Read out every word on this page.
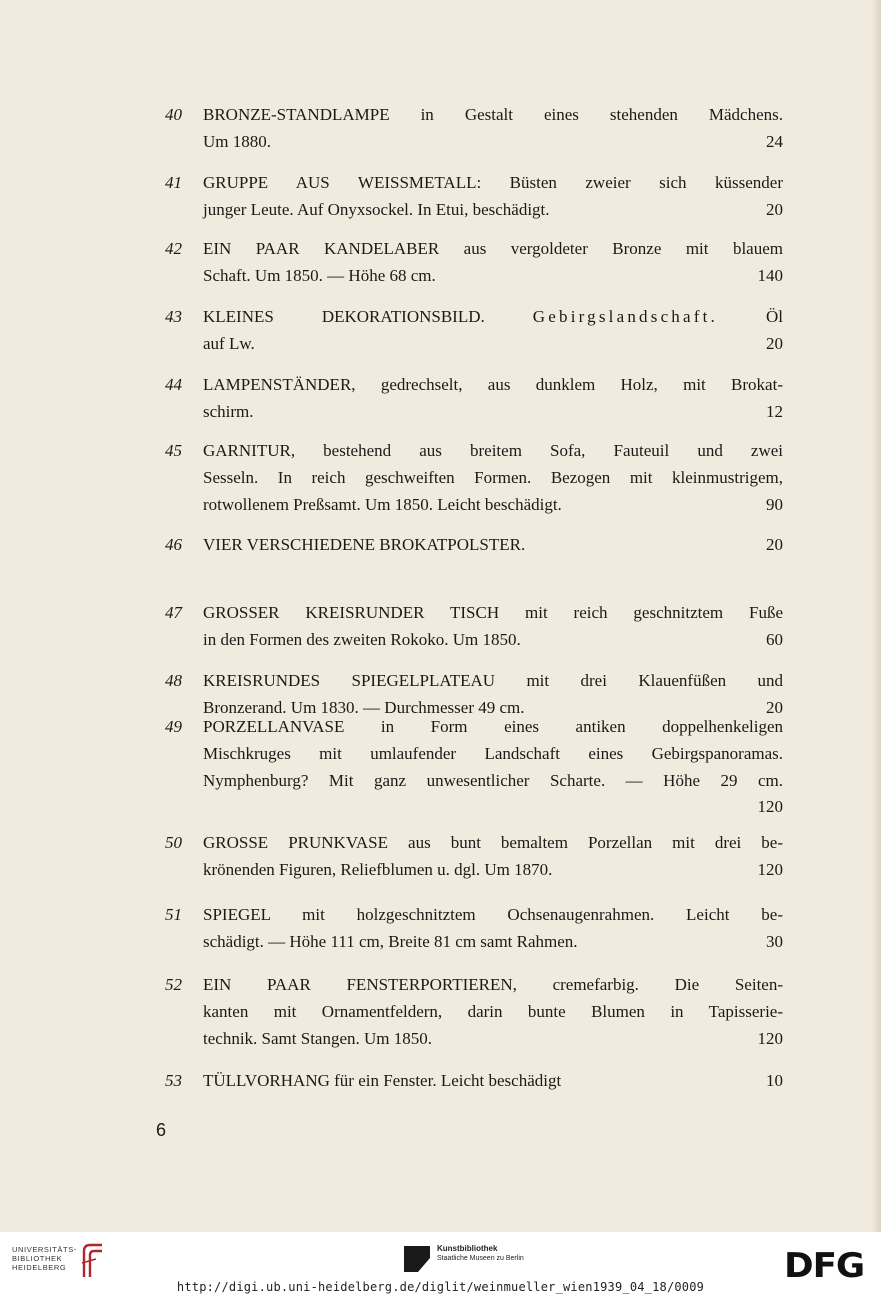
40 BRONZE-STANDLAMPE in Gestalt eines stehenden Mädchens.
Um 1880.	24
41 GRUPPE AUS WEISSMETALL: Büsten zweier sich küssender
junger Leute. Auf Onyxsockel. In Etui, beschädigt.	20
42 EIN PAAR KANDELABER aus vergoldeter Bronze mit blauem
Schaft. Um 1850. — Höhe 68 cm.	140
43 KLEINES DEKORATIONSBILD. Gebirgslandschaft. Öl
auf Lw.	20
44 LAMPENSTÄNDER, gedrechselt, aus dunklem Holz, mit Brokat-
schirm.	12
45 GARNITUR, bestehend aus breitem Sofa, Fauteuil und zwei
Sesseln. In reich geschweiften Formen. Bezogen mit kleinmustrigem,
rotwollenem Preßsamt. Um 1850. Leicht beschädigt.	90
46 VIER VERSCHIEDENE BROKATPOLSTER.	20
47 GROSSER KREISRUNDER TISCH mit reich geschnitztem Fuße
in den Formen des zweiten Rokoko. Um 1850.	60
48 KREISRUNDES SPIEGELPLATEAU mit drei Klauenfüßen und
Bronzerand. Um 1830. — Durchmesser 49 cm.	20
49 PORZELLANVASE in Form eines antiken doppelhenkeligen
Mischkruges mit umlaufender Landschaft eines Gebirgspanoramas.
Nymphenburg? Mit ganz unwesentlicher Scharte. — Höhe 29 cm.
120
50 GROSSE PRUNKVASE aus bunt bemaltem Porzellan mit drei be-
krönenden Figuren, Reliefblumen u. dgl. Um 1870.	120
51 SPIEGEL mit holzgeschnitztem Ochsenaugenrahmen. Leicht be-
schädigt. — Höhe 111 cm, Breite 81 cm samt Rahmen.	30
52 EIN PAAR FENSTERPORTIEREN, cremefarbig. Die Seiten-
kanten mit Ornamentfeldern, darin bunte Blumen in Tapisserie-
technik. Samt Stangen. Um 1850.	120
53 TÜLLVORHANG für ein Fenster. Leicht beschädigt	10
6
UNIVERSITÄTS-
BIBLIOTHEK
HEIDELBERG
Kunstbibliothek
Staatliche Museen zu Berlin	DFG
http://digi.ub.uni-heidelberg.de/diglit/weinmueller_wien1939_04_18/0009
